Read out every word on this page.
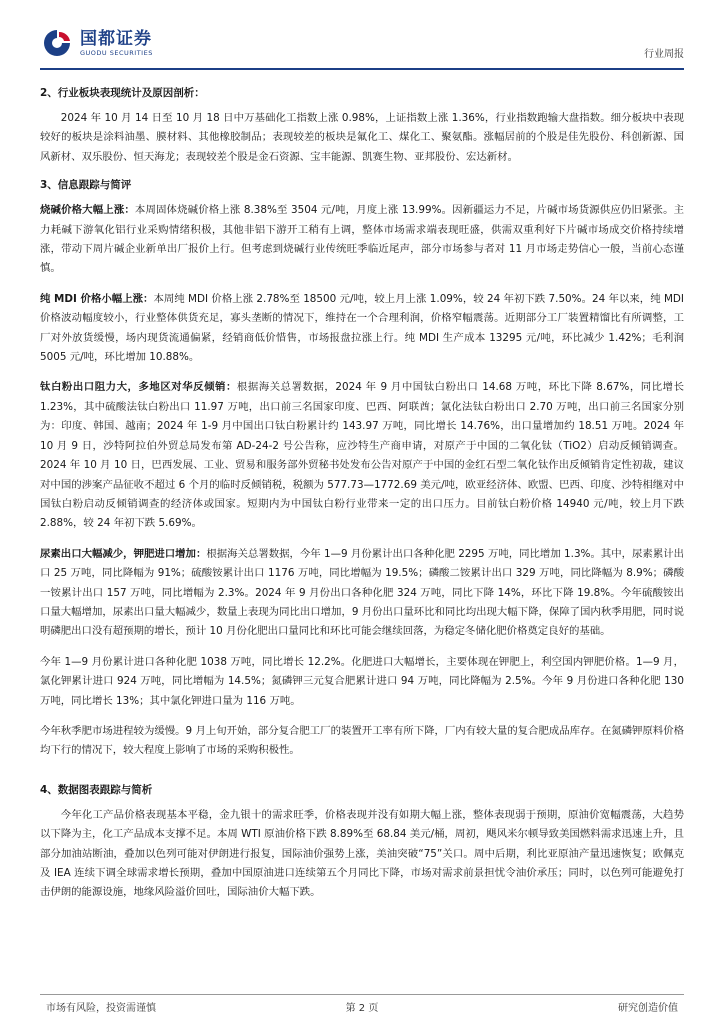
国都证券
GUODU SECURITIES	行业周报
2、行业板块表现统计及原因剖析：

2024 年 10 月 14 日至 10 月 18 日中万基础化工指数上涨 0.98%，上证指数上涨 1.36%，行业指数跑输大盘指数。细分板块中表现较好的板块是涂料油墨、膜材料、其他橡胶制品；表现较差的板块是氟化工、煤化工、聚氨酯。涨幅居前的个股是佳先股份、科创新源、国风新材、双乐股份、恒天海龙；表现较差个股是金石资源、宝丰能源、凯赛生物、亚邦股份、宏达新材。

3、信息跟踪与简评

烧碱价格大幅上涨：本周固体烧碱价格上涨 8.38%至 3504 元/吨，月度上涨 13.99%。因新疆运力不足，片碱市场货源供应仍旧紧张。主力耗碱下游氧化铝行业采购情绪积极，其他非铝下游开工稍有上调，整体市场需求端表现旺盛，供需双重利好下片碱市场成交价格持续增涨，带动下周片碱企业新单出厂报价上行。但考虑到烧碱行业传统旺季临近尾声，部分市场参与者对 11 月市场走势信心一般，当前心态谨慎。

纯 MDI 价格小幅上涨：本周纯 MDI 价格上涨 2.78%至 18500 元/吨，较上月上涨 1.09%，较 24 年初下跌 7.50%。24 年以来，纯 MDI 价格波动幅度较小，行业整体供货充足，寡头垄断的情况下，维持在一个合理利润，价格窄幅震荡。近期部分工厂装置精馏比有所调整，工厂对外放货缓慢，场内现货流通偏紧，经销商低价惜售，市场报盘拉涨上行。纯 MDI 生产成本 13295 元/吨，环比减少 1.42%；毛利润 5005 元/吨，环比增加 10.88%。

钛白粉出口阻力大，多地区对华反倾销：根据海关总署数据，2024 年 9 月中国钛白粉出口 14.68 万吨，环比下降 8.67%，同比增长 1.23%，其中硫酸法钛白粉出口 11.97 万吨，出口前三名国家印度、巴西、阿联酋；氯化法钛白粉出口 2.70 万吨，出口前三名国家分别为：印度、韩国、越南；2024 年 1-9 月中国出口钛白粉累计约 143.97 万吨，同比增长 14.76%，出口量增加约 18.51 万吨。2024 年 10 月 9 日，沙特阿拉伯外贸总局发布第 AD-24-2 号公告称，应沙特生产商申请，对原产于中国的二氧化钛（TiO2）启动反倾销调查。2024 年 10 月 10 日，巴西发展、工业、贸易和服务部外贸秘书处发布公告对原产于中国的金红石型二氧化钛作出反倾销肯定性初裁，建议对中国的涉案产品征收不超过 6 个月的临时反倾销税，税额为 577.73—1772.69 美元/吨，欧亚经济体、欧盟、巴西、印度、沙特相继对中国钛白粉启动反倾销调查的经济体或国家。短期内为中国钛白粉行业带来一定的出口压力。目前钛白粉价格 14940 元/吨，较上月下跌 2.88%，较 24 年初下跌 5.69%。

尿素出口大幅减少，钾肥进口增加：根据海关总署数据，今年 1—9 月份累计出口各种化肥 2295 万吨，同比增加 1.3%。其中，尿素累计出口 25 万吨，同比降幅为 91%；硫酸铵累计出口 1176 万吨，同比增幅为 19.5%；磷酸二铵累计出口 329 万吨，同比降幅为 8.9%；磷酸一铵累计出口 157 万吨，同比增幅为 2.3%。2024 年 9 月份出口各种化肥 324 万吨，同比下降 14%，环比下降 19.8%。今年硫酸铵出口量大幅增加，尿素出口量大幅减少，数量上表现为同比出口增加，9 月份出口量环比和同比均出现大幅下降，保障了国内秋季用肥，同时说明磷肥出口没有超预期的增长，预计 10 月份化肥出口量同比和环比可能会继续回落，为稳定冬储化肥价格奠定良好的基础。

今年 1—9 月份累计进口各种化肥 1038 万吨，同比增长 12.2%。化肥进口大幅增长，主要体现在钾肥上，利空国内钾肥价格。1—9 月，氯化钾累计进口 924 万吨，同比增幅为 14.5%；氮磷钾三元复合肥累计进口 94 万吨，同比降幅为 2.5%。今年 9 月份进口各种化肥 130 万吨，同比增长 13%；其中氯化钾进口量为 116 万吨。

今年秋季肥市场进程较为缓慢。9 月上旬开始，部分复合肥工厂的装置开工率有所下降，厂内有较大量的复合肥成品库存。在氮磷钾原料价格均下行的情况下，较大程度上影响了市场的采购积极性。

4、数据图表跟踪与简析

今年化工产品价格表现基本平稳，金九银十的需求旺季，价格表现并没有如期大幅上涨，整体表现弱于预期，原油价宽幅震荡，大趋势以下降为主，化工产品成本支撑不足。本周 WTI 原油价格下跌 8.89%至 68.84 美元/桶，周初，飓风米尔顿导致美国燃料需求迅速上升，且部分加油站断油，叠加以色列可能对伊朗进行报复，国际油价强势上涨，美油突破“75”关口。周中后期，利比亚原油产量迅速恢复；欧佩克及 IEA 连续下调全球需求增长预期，叠加中国原油进口连续第五个月同比下降，市场对需求前景担忧令油价承压；同时，以色列可能避免打击伊朗的能源设施，地缘风险溢价回吐，国际油价大幅下跌。

市场有风险，投资需谨慎	第 2 页	研究创造价值
